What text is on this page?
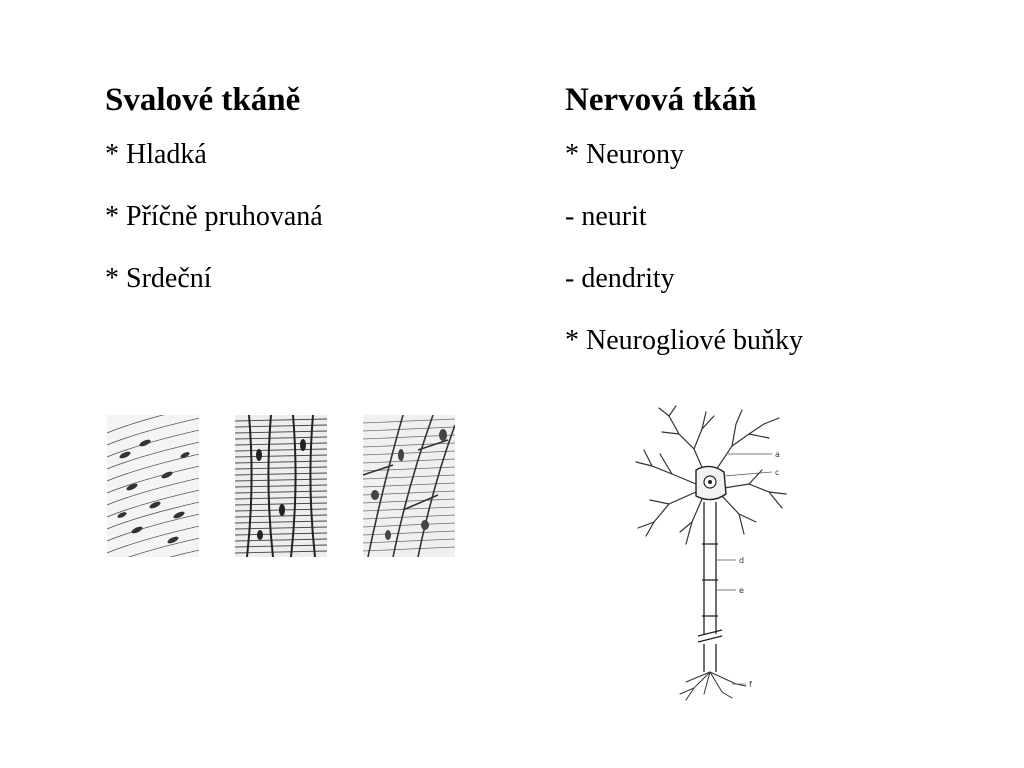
Svalové tkáně
* Hladká
* Příčně pruhovaná
* Srdeční
Nervová tkáň
* Neurony
- neurit
- dendrity
* Neurogliové buňky
a
c
d
e
f
